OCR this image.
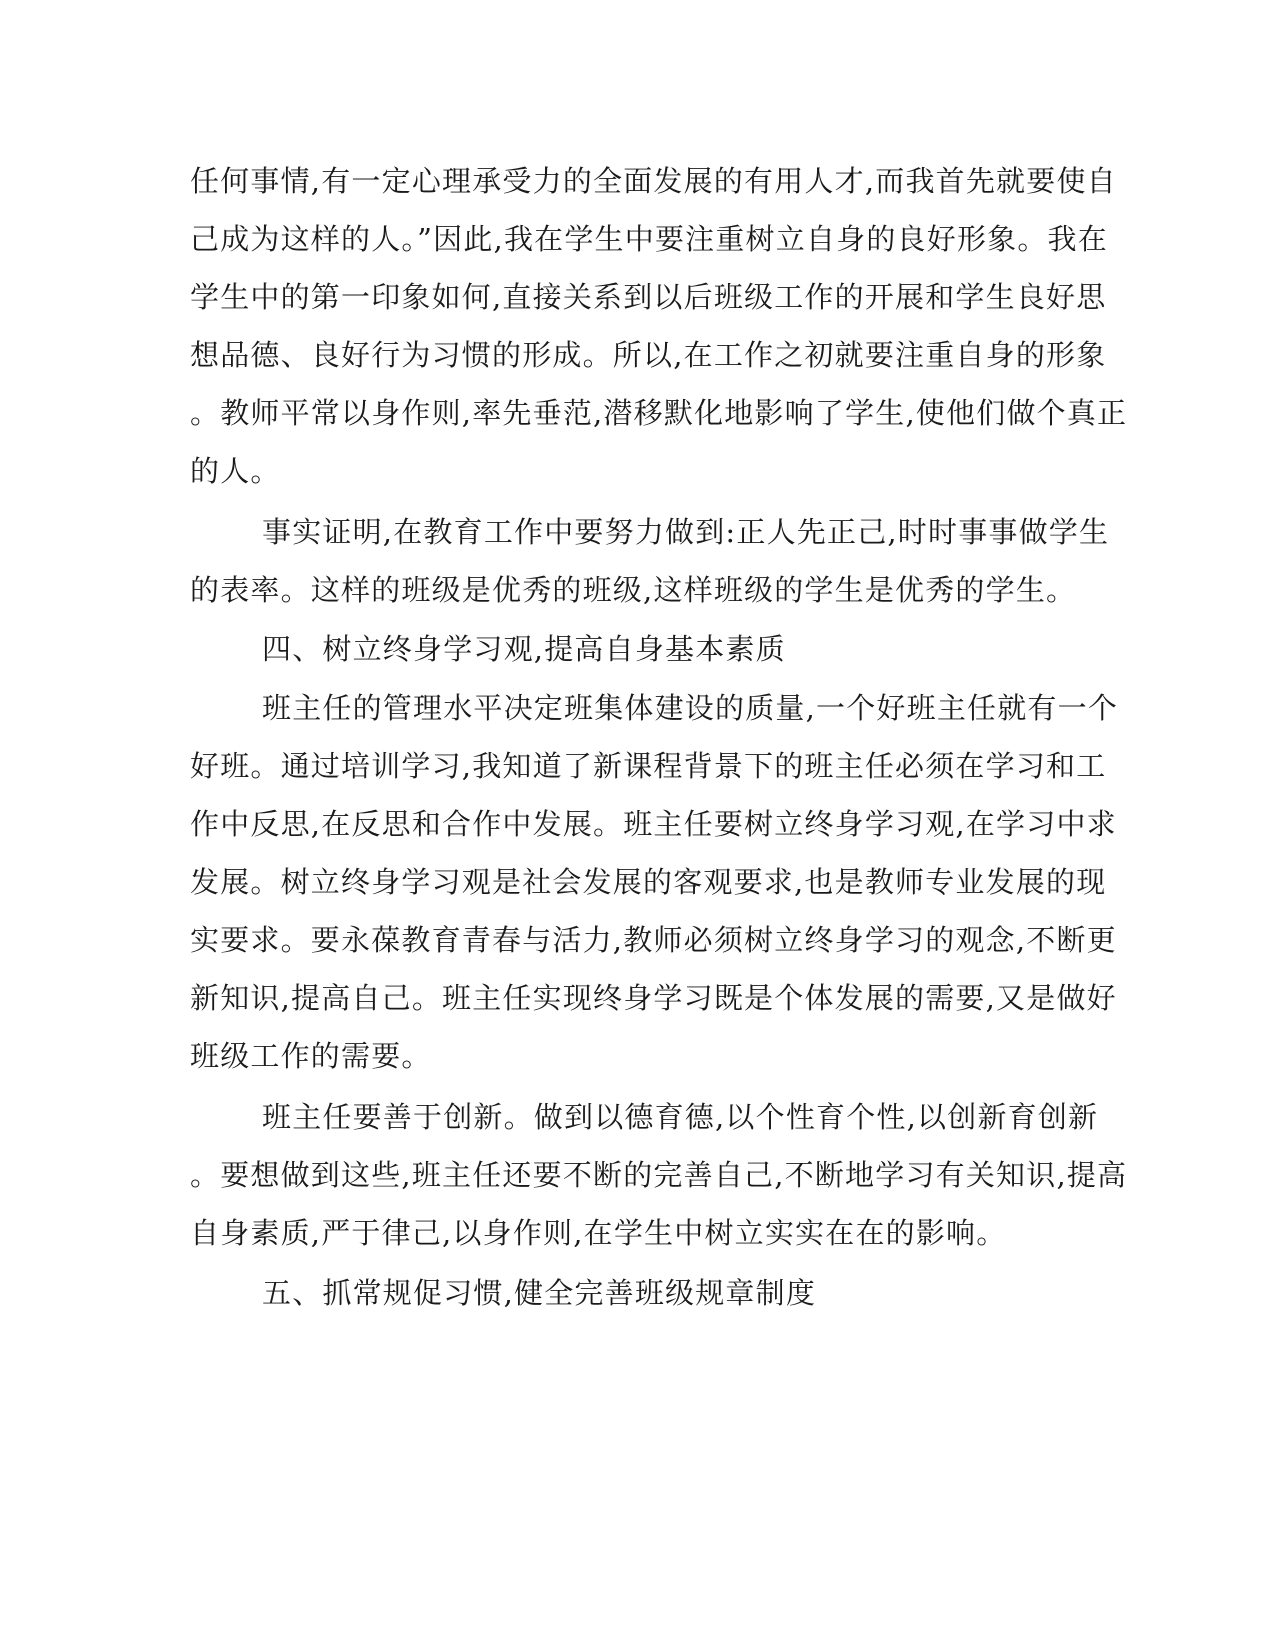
任何事情,有一定心理承受力的全面发展的有用人才,而我首先就要使自
己成为这样的人。”因此,我在学生中要注重树立自身的良好形象。我在
学生中的第一印象如何,直接关系到以后班级工作的开展和学生良好思
想品德、良好行为习惯的形成。所以,在工作之初就要注重自身的形象
。教师平常以身作则,率先垂范,潜移默化地影响了学生,使他们做个真正
的人。
事实证明,在教育工作中要努力做到:正人先正己,时时事事做学生
的表率。这样的班级是优秀的班级,这样班级的学生是优秀的学生。
四、树立终身学习观,提高自身基本素质
班主任的管理水平决定班集体建设的质量,一个好班主任就有一个
好班。通过培训学习,我知道了新课程背景下的班主任必须在学习和工
作中反思,在反思和合作中发展。班主任要树立终身学习观,在学习中求
发展。树立终身学习观是社会发展的客观要求,也是教师专业发展的现
实要求。要永葆教育青春与活力,教师必须树立终身学习的观念,不断更
新知识,提高自己。班主任实现终身学习既是个体发展的需要,又是做好
班级工作的需要。
班主任要善于创新。做到以德育德,以个性育个性,以创新育创新
。要想做到这些,班主任还要不断的完善自己,不断地学习有关知识,提高
自身素质,严于律己,以身作则,在学生中树立实实在在的影响。
五、抓常规促习惯,健全完善班级规章制度
